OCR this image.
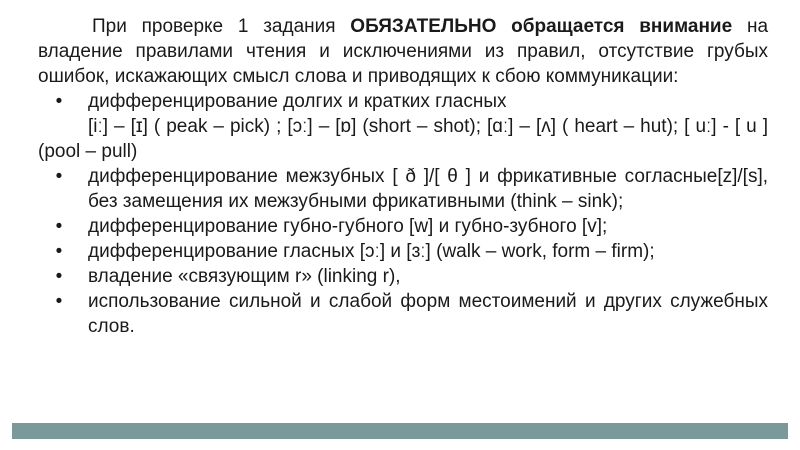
При проверке 1 задания ОБЯЗАТЕЛЬНО обращается внимание на владение правилами чтения и исключениями из правил, отсутствие грубых ошибок, искажающих смысл слова и приводящих к сбою коммуникации:

• дифференцирование долгих и кратких гласных
[iː] – [ɪ] ( peak – pick) ; [ɔː] – [ɒ] (short – shot); [ɑː] – [ʌ] ( heart – hut); [ uː] - [ u ] (pool – pull)
• дифференцирование межзубных [ ð ]/[ θ ] и фрикативные согласные[z]/[s], без замещения их межзубными фрикативными (think – sink);
• дифференцирование губно-губного [w] и губно-зубного [v];
• дифференцирование гласных [ɔː] и [ɜː] (walk – work, form – firm);
• владение «связующим r» (linking r),
• использование сильной и слабой форм местоимений и других служебных слов.
